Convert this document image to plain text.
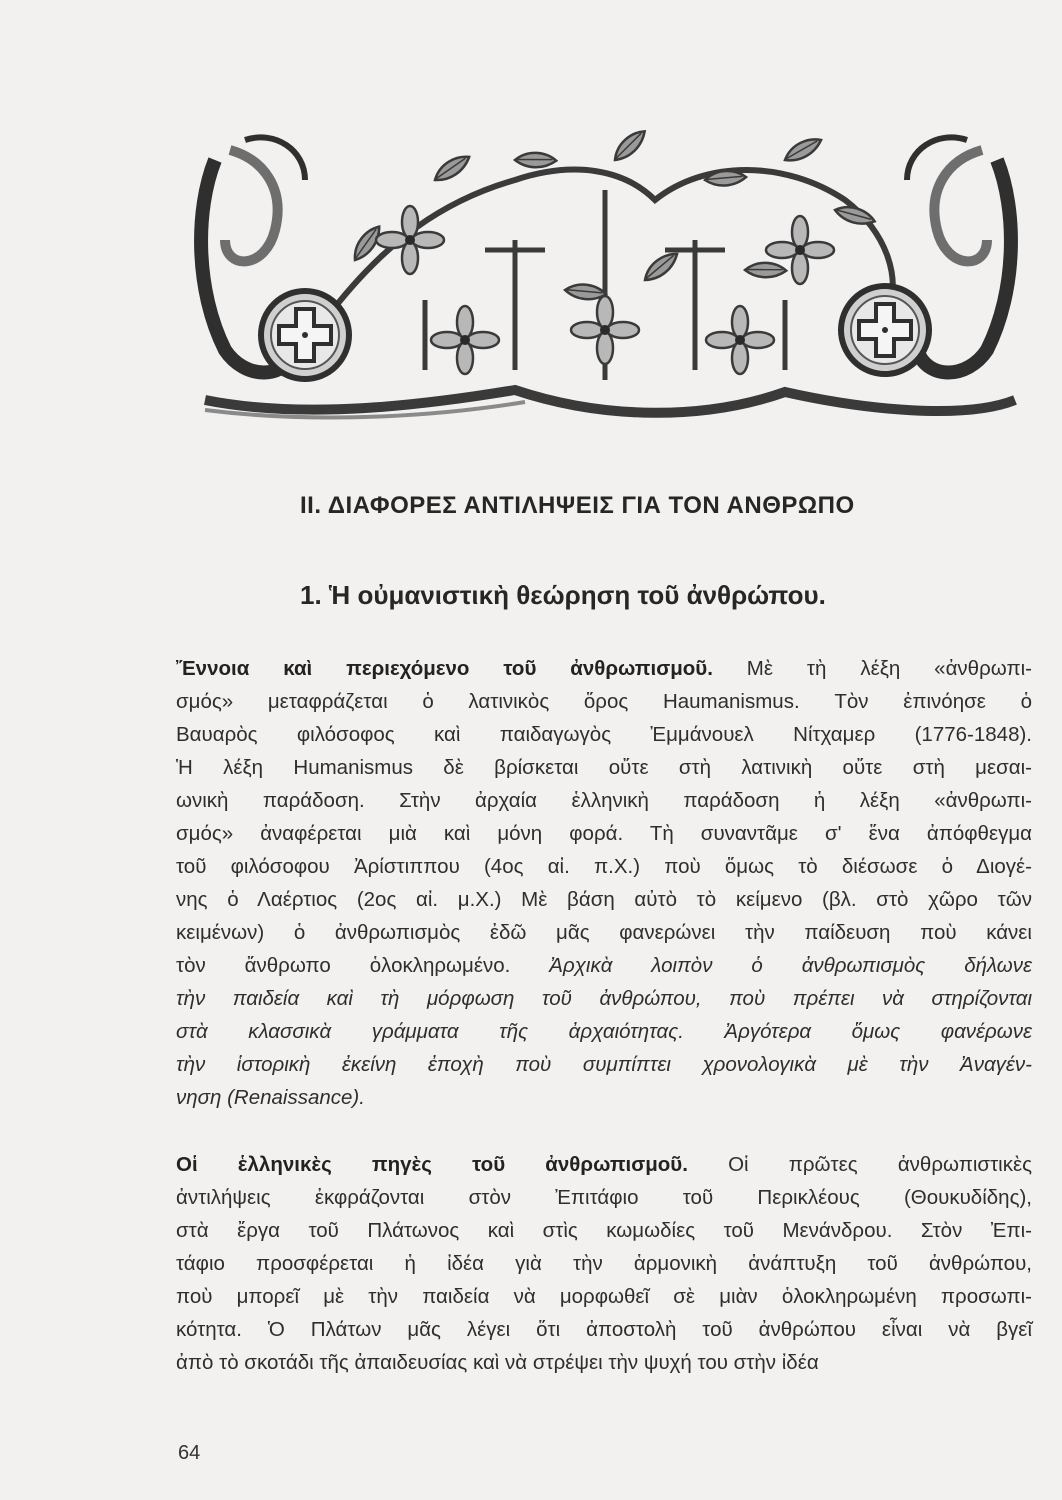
ΙΙ. ΔΙΑΦΟΡΕΣ ΑΝΤΙΛΗΨΕΙΣ ΓΙΑ ΤΟΝ ΑΝΘΡΩΠΟ
1. Ἡ οὐμανιστικὴ θεώρηση τοῦ ἀνθρώπου.
Ἔννοια καὶ περιεχόμενο τοῦ ἀνθρωπισμοῦ. Μὲ τὴ λέξη «ἀνθρωπι-
σμός» μεταφράζεται ὁ λατινικὸς ὅρος Haumanismus. Τὸν ἐπινόησε ὁ
Βαυαρὸς φιλόσοφος καὶ παιδαγωγὸς Ἐμμάνουελ Νίτχαμερ (1776-1848).
Ἡ λέξη Humanismus δὲ βρίσκεται οὔτε στὴ λατινικὴ οὔτε στὴ μεσαι-
ωνικὴ παράδοση. Στὴν ἀρχαία ἑλληνικὴ παράδοση ἡ λέξη «ἀνθρωπι-
σμός» ἀναφέρεται μιὰ καὶ μόνη φορά. Τὴ συναντᾶμε σ' ἕνα ἀπόφθεγμα
τοῦ φιλόσοφου Ἀρίστιππου (4ος αἰ. π.Χ.) ποὺ ὅμως τὸ διέσωσε ὁ Διογέ-
νης ὁ Λαέρτιος (2ος αἰ. μ.Χ.) Μὲ βάση αὐτὸ τὸ κείμενο (βλ. στὸ χῶρο τῶν
κειμένων) ὁ ἀνθρωπισμὸς ἐδῶ μᾶς φανερώνει τὴν παίδευση ποὺ κάνει
τὸν ἄνθρωπο ὁλοκληρωμένο. Ἀρχικὰ λοιπὸν ὁ ἀνθρωπισμὸς δήλωνε
τὴν παιδεία καὶ τὴ μόρφωση τοῦ ἀνθρώπου, ποὺ πρέπει νὰ στηρίζονται
στὰ κλασσικὰ γράμματα τῆς ἀρχαιότητας. Ἀργότερα ὅμως φανέρωνε
τὴν ἱστορικὴ ἐκείνη ἐποχὴ ποὺ συμπίπτει χρονολογικὰ μὲ τὴν Ἀναγέν-
νηση (Renaissance).
Οἱ ἑλληνικὲς πηγὲς τοῦ ἀνθρωπισμοῦ. Οἱ πρῶτες ἀνθρωπιστικὲς
ἀντιλήψεις ἐκφράζονται στὸν Ἐπιτάφιο τοῦ Περικλέους (Θουκυδίδης),
στὰ ἔργα τοῦ Πλάτωνος καὶ στὶς κωμωδίες τοῦ Μενάνδρου. Στὸν Ἐπι-
τάφιο προσφέρεται ἡ ἰδέα γιὰ τὴν ἁρμονικὴ ἀνάπτυξη τοῦ ἀνθρώπου,
ποὺ μπορεῖ μὲ τὴν παιδεία νὰ μορφωθεῖ σὲ μιὰν ὁλοκληρωμένη προσωπι-
κότητα. Ὁ Πλάτων μᾶς λέγει ὅτι ἀποστολὴ τοῦ ἀνθρώπου εἶναι νὰ βγεῖ
ἀπὸ τὸ σκοτάδι τῆς ἀπαιδευσίας καὶ νὰ στρέψει τὴν ψυχή του στὴν ἰδέα
64
